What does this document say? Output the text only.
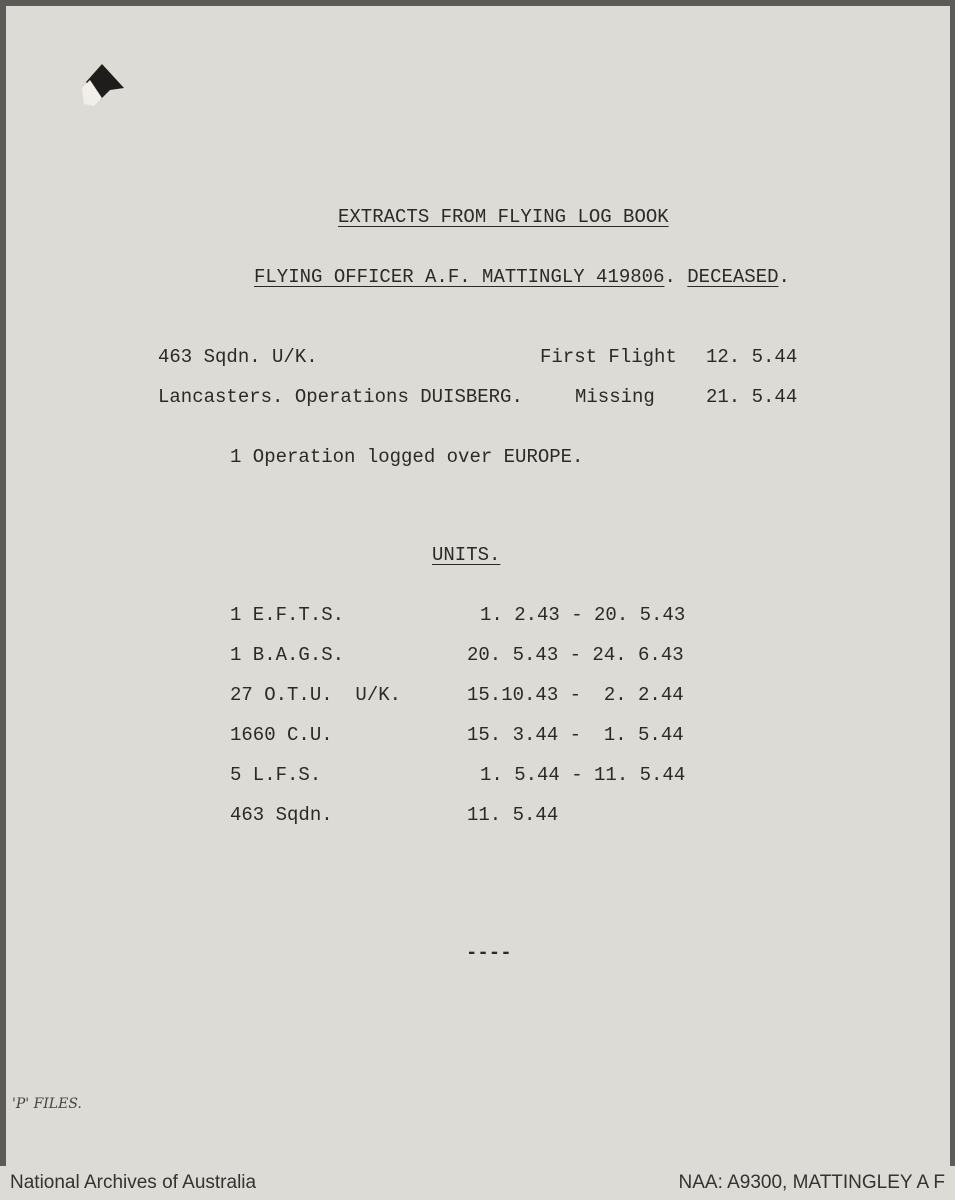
EXTRACTS FROM FLYING LOG BOOK
FLYING OFFICER A.F. MATTINGLY 419806. DECEASED.
463 Sqdn. U/K.	First Flight 12. 5.44
Lancasters. Operations DUISBERG.	Missing	21. 5.44
1 Operation logged over EUROPE.
UNITS.
1 E.F.T.S.	1. 2.43 - 20. 5.43
1 B.A.G.S.	20. 5.43 - 24. 6.43
27 O.T.U.  U/K.	15.10.43 -  2. 2.44
1660 C.U.	15. 3.44 -  1. 5.44
5 L.F.S.	1. 5.44 - 11. 5.44
463 Sqdn.	11. 5.44
----
'P' FILES.
National Archives of Australia	NAA: A9300, MATTINGLEY A F
